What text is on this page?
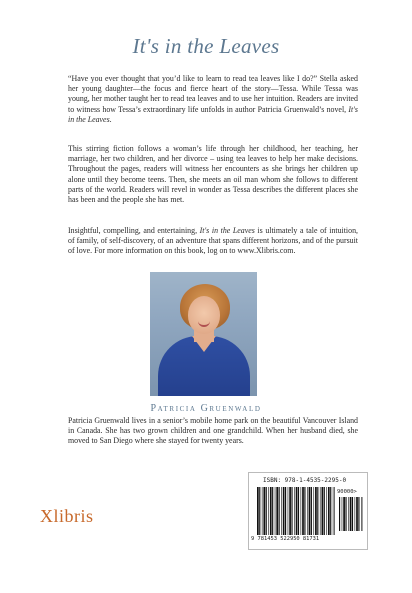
It's in the Leaves

“Have you ever thought that you’d like to learn to read tea leaves like I do?” Stella asked her young daughter—the focus and fierce heart of the story—Tessa. While Tessa was young, her mother taught her to read tea leaves and to use her intuition. Readers are invited to witness how Tessa’s extraordinary life unfolds in author Patricia Gruenwald’s novel, It's in the Leaves.

This stirring fiction follows a woman’s life through her childhood, her teaching, her marriage, her two children, and her divorce – using tea leaves to help her make decisions. Throughout the pages, readers will witness her encounters as she brings her children up alone until they become teens. Then, she meets an oil man whom she follows to different parts of the world. Readers will revel in wonder as Tessa describes the different places she has been and the people she has met.

Insightful, compelling, and entertaining, It's in the Leaves is ultimately a tale of intuition, of family, of self-discovery, of an adventure that spans different horizons, and of the pursuit of love. For more information on this book, log on to www.Xlibris.com.

Patricia Gruenwald

Patricia Gruenwald lives in a senior’s mobile home park on the beautiful Vancouver Island in Canada. She has two grown children and one grandchild. When her husband died, she moved to San Diego where she stayed for twenty years.

Xlibris
ISBN: 978-1-4535-2295-0
90000>
9 781453 522950 81731
